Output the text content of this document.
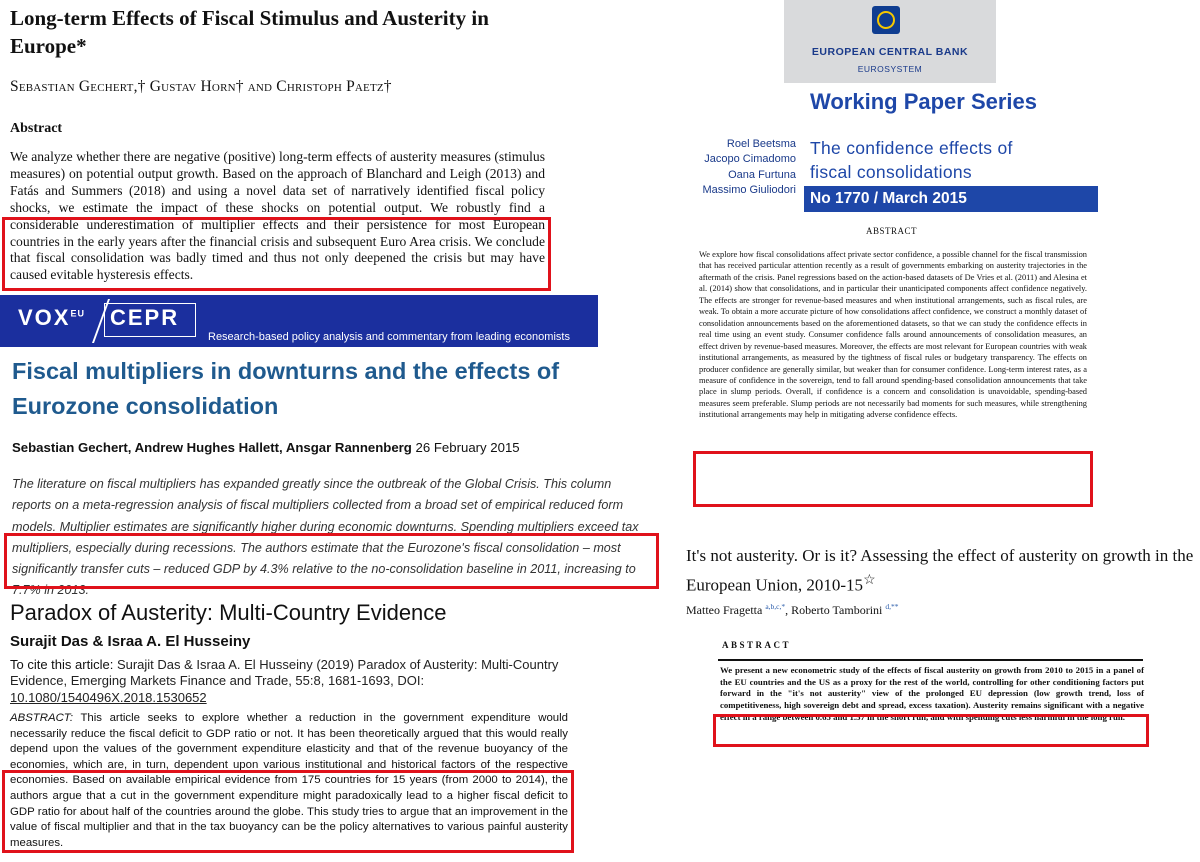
Long-term Effects of Fiscal Stimulus and Austerity in Europe*
Sebastian Gechert,† Gustav Horn† and Christoph Paetz†
Abstract
We analyze whether there are negative (positive) long-term effects of austerity measures (stimulus measures) on potential output growth. Based on the approach of Blanchard and Leigh (2013) and Fatás and Summers (2018) and using a novel data set of narratively identified fiscal policy shocks, we estimate the impact of these shocks on potential output. We robustly find a considerable underestimation of multiplier effects and their persistence for most European countries in the early years after the financial crisis and subsequent Euro Area crisis. We conclude that fiscal consolidation was badly timed and thus not only deepened the crisis but may have caused evitable hysteresis effects.
$VOX^{EU}$ CEPR
Research-based policy analysis and commentary from leading economists
Fiscal multipliers in downturns and the effects of Eurozone consolidation
Sebastian Gechert, Andrew Hughes Hallett, Ansgar Rannenberg 26 February 2015
The literature on fiscal multipliers has expanded greatly since the outbreak of the Global Crisis. This column reports on a meta-regression analysis of fiscal multipliers collected from a broad set of empirical reduced form models. Multiplier estimates are significantly higher during economic downturns. Spending multipliers exceed tax multipliers, especially during recessions. The authors estimate that the Eurozone's fiscal consolidation – most significantly transfer cuts – reduced GDP by 4.3% relative to the no-consolidation baseline in 2011, increasing to 7.7% in 2013.
Paradox of Austerity: Multi-Country Evidence
Surajit Das & Israa A. El Husseiny
To cite this article: Surajit Das & Israa A. El Husseiny (2019) Paradox of Austerity: Multi-Country Evidence, Emerging Markets Finance and Trade, 55:8, 1681-1693, DOI: 10.1080/1540496X.2018.1530652
ABSTRACT: This article seeks to explore whether a reduction in the government expenditure would necessarily reduce the fiscal deficit to GDP ratio or not. It has been theoretically argued that this would really depend upon the values of the government expenditure elasticity and that of the revenue buoyancy of the economies, which are, in turn, dependent upon various institutional and historical factors of the respective economies. Based on available empirical evidence from 175 countries for 15 years (from 2000 to 2014), the authors argue that a cut in the government expenditure might paradoxically lead to a higher fiscal deficit to GDP ratio for about half of the countries around the globe. This study tries to argue that an improvement in the value of fiscal multiplier and that in the tax buoyancy can be the policy alternatives to various painful austerity measures.
EUROPEAN CENTRAL BANK
EUROSYSTEM
Working Paper Series
Roel Beetsma
Jacopo Cimadomo
Oana Furtuna
Massimo Giuliodori
The confidence effects of
fiscal consolidations
No 1770 / March 2015
ABSTRACT
We explore how fiscal consolidations affect private sector confidence, a possible channel for the fiscal transmission that has received particular attention recently as a result of governments embarking on austerity trajectories in the aftermath of the crisis. Panel regressions based on the action-based datasets of De Vries et al. (2011) and Alesina et al. (2014) show that consolidations, and in particular their unanticipated components affect confidence negatively. The effects are stronger for revenue-based measures and when institutional arrangements, such as fiscal rules, are weak. To obtain a more accurate picture of how consolidations affect confidence, we construct a monthly dataset of consolidation announcements based on the aforementioned datasets, so that we can study the confidence effects in real time using an event study. Consumer confidence falls around announcements of consolidation measures, an effect driven by revenue-based measures. Moreover, the effects are most relevant for European countries with weak institutional arrangements, as measured by the tightness of fiscal rules or budgetary transparency. The effects on producer confidence are generally similar, but weaker than for consumer confidence. Long-term interest rates, as a measure of confidence in the sovereign, tend to fall around spending-based consolidation announcements that take place in slump periods. Overall, if confidence is a concern and consolidation is unavoidable, spending-based measures seem preferable. Slump periods are not necessarily bad moments for such measures, while strengthening institutional arrangements may help in mitigating adverse confidence effects.
It's not austerity. Or is it? Assessing the effect of austerity on growth in the European Union, 2010-15☆
Matteo Fragetta $^{a,b,c,*}$, Roberto Tamborini $^{d,**}$
ABSTRACT
We present a new econometric study of the effects of fiscal austerity on growth from 2010 to 2015 in a panel of the EU countries and the US as a proxy for the rest of the world, controlling for other conditioning factors put forward in the "it's not austerity" view of the prolonged EU depression (low growth trend, loss of competitiveness, high sovereign debt and spread, excess taxation). Austerity remains significant with a negative effect in a range between 0.65 and 1.57 in the short run, and with spending cuts less harmful in the long run.
